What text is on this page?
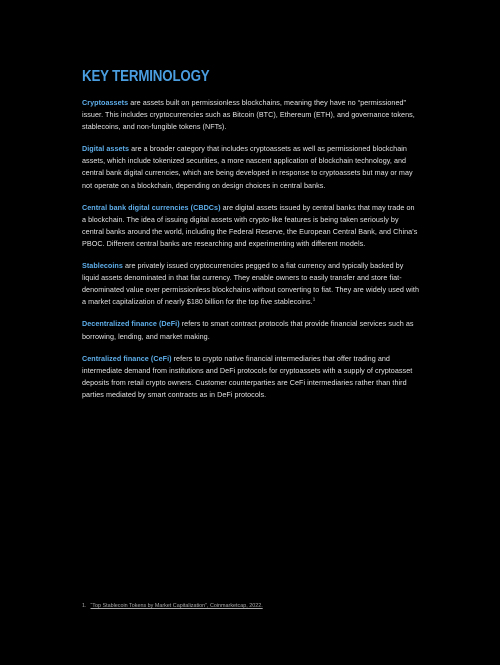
KEY TERMINOLOGY

Cryptoassets are assets built on permissionless blockchains, meaning they have no “permissioned” issuer. This includes cryptocurrencies such as Bitcoin (BTC), Ethereum (ETH), and governance tokens, stablecoins, and non-fungible tokens (NFTs).

Digital assets are a broader category that includes cryptoassets as well as permissioned blockchain assets, which include tokenized securities, a more nascent application of blockchain technology, and central bank digital currencies, which are being developed in response to cryptoassets but may or may not operate on a blockchain, depending on design choices in central banks.

Central bank digital currencies (CBDCs) are digital assets issued by central banks that may trade on a blockchain. The idea of issuing digital assets with crypto-like features is being taken seriously by central banks around the world, including the Federal Reserve, the European Central Bank, and China’s PBOC. Different central banks are researching and experimenting with different models.

Stablecoins are privately issued cryptocurrencies pegged to a fiat currency and typically backed by liquid assets denominated in that fiat currency. They enable owners to easily transfer and store fiat-denominated value over permissionless blockchains without converting to fiat. They are widely used with a market capitalization of nearly $180 billion for the top five stablecoins.$^1$

Decentralized finance (DeFi) refers to smart contract protocols that provide financial services such as borrowing, lending, and market making.

Centralized finance (CeFi) refers to crypto native financial intermediaries that offer trading and intermediate demand from institutions and DeFi protocols for cryptoassets with a supply of cryptoasset deposits from retail crypto owners. Customer counterparties are CeFi intermediaries rather than third parties mediated by smart contracts as in DeFi protocols.

1. “Top Stablecoin Tokens by Market Capitalization”, Coinmarketcap, 2022.
